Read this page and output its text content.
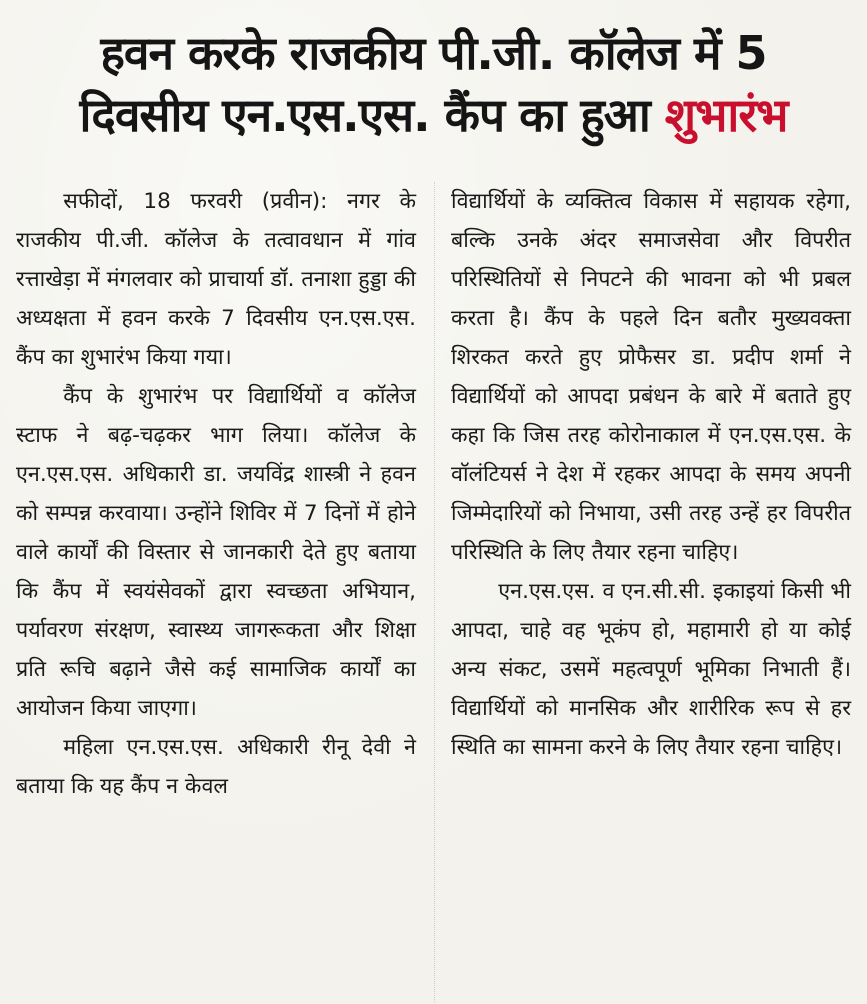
हवन करके राजकीय पी.जी. कॉलेज में 5
दिवसीय एन.एस.एस. कैंप का हुआ शुभारंभ

सफीदों, 18 फरवरी (प्रवीन): नगर के राजकीय पी.जी. कॉलेज के तत्वावधान में गांव रत्ताखेड़ा में मंगलवार को प्राचार्या डॉ. तनाशा हुड्डा की अध्यक्षता में हवन करके 7 दिवसीय एन.एस.एस. कैंप का शुभारंभ किया गया।

कैंप के शुभारंभ पर विद्यार्थियों व कॉलेज स्टाफ ने बढ़-चढ़कर भाग लिया। कॉलेज के एन.एस.एस. अधिकारी डा. जयविंद्र शास्त्री ने हवन को सम्पन्न करवाया। उन्होंने शिविर में 7 दिनों में होने वाले कार्यों की विस्तार से जानकारी देते हुए बताया कि कैंप में स्वयंसेवकों द्वारा स्वच्छता अभियान, पर्यावरण संरक्षण, स्वास्थ्य जागरूकता और शिक्षा प्रति रूचि बढ़ाने जैसे कई सामाजिक कार्यों का आयोजन किया जाएगा।

महिला एन.एस.एस. अधिकारी रीनू देवी ने बताया कि यह कैंप न केवल

विद्यार्थियों के व्यक्तित्व विकास में सहायक रहेगा, बल्कि उनके अंदर समाजसेवा और विपरीत परिस्थितियों से निपटने की भावना को भी प्रबल करता है। कैंप के पहले दिन बतौर मुख्यवक्ता शिरकत करते हुए प्रोफैसर डा. प्रदीप शर्मा ने विद्यार्थियों को आपदा प्रबंधन के बारे में बताते हुए कहा कि जिस तरह कोरोनाकाल में एन.एस.एस. के वॉलंटियर्स ने देश में रहकर आपदा के समय अपनी जिम्मेदारियों को निभाया, उसी तरह उन्हें हर विपरीत परिस्थिति के लिए तैयार रहना चाहिए।

एन.एस.एस. व एन.सी.सी. इकाइयां किसी भी आपदा, चाहे वह भूकंप हो, महामारी हो या कोई अन्य संकट, उसमें महत्वपूर्ण भूमिका निभाती हैं। विद्यार्थियों को मानसिक और शारीरिक रूप से हर स्थिति का सामना करने के लिए तैयार रहना चाहिए।
